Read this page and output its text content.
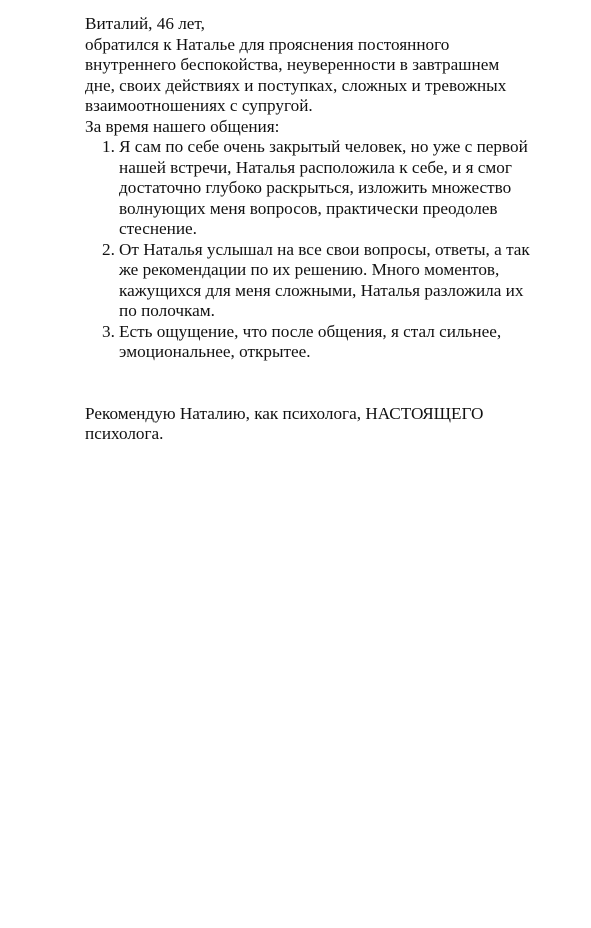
Виталий, 46 лет,
обратился к Наталье для прояснения постоянного
внутреннего беспокойства, неуверенности в завтрашнем
дне, своих действиях и поступках, сложных и тревожных
взаимоотношениях с супругой.
За время нашего общения:
1. Я сам по себе очень закрытый человек, но уже с первой
нашей встречи, Наталья расположила к себе, и я смог
достаточно глубоко раскрыться, изложить множество
волнующих меня вопросов, практически преодолев
стеснение.
2. От Наталья услышал на все свои вопросы, ответы, а так
же рекомендации по их решению. Много моментов,
кажущихся для меня сложными, Наталья разложила их
по полочкам.
3. Есть ощущение, что после общения, я стал сильнее,
эмоциональнее, открытее.
Рекомендую Наталию, как психолога, НАСТОЯЩЕГО
психолога.
